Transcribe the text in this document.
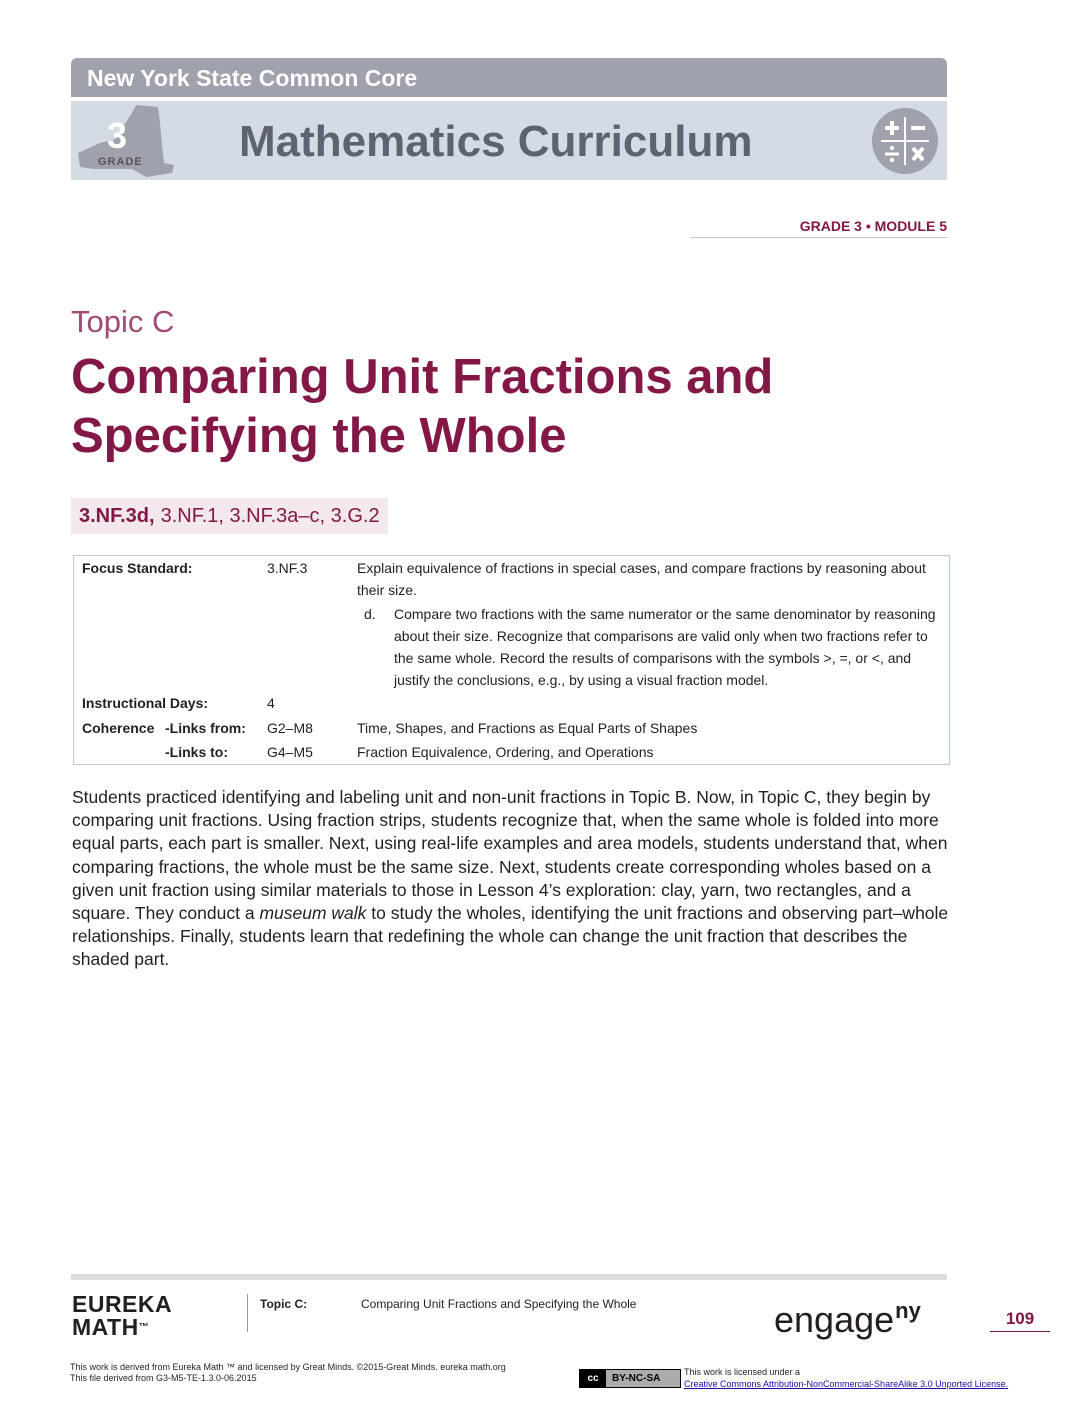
New York State Common Core
3
GRADE Mathematics Curriculum
GRADE 3 • MODULE 5
Topic C
Comparing Unit Fractions and
Specifying the Whole
3.NF.3d, 3.NF.1, 3.NF.3a–c, 3.G.2
Focus Standard:	3.NF.3	Explain equivalence of fractions in special cases, and compare fractions by reasoning about their size.
d. Compare two fractions with the same numerator or the same denominator by reasoning about their size. Recognize that comparisons are valid only when two fractions refer to the same whole. Record the results of comparisons with the symbols >, =, or <, and justify the conclusions, e.g., by using a visual fraction model.
Instructional Days:	4
Coherence -Links from: G2–M8	Time, Shapes, and Fractions as Equal Parts of Shapes
-Links to:	G4–M5	Fraction Equivalence, Ordering, and Operations
Students practiced identifying and labeling unit and non-unit fractions in Topic B. Now, in Topic C, they begin by comparing unit fractions. Using fraction strips, students recognize that, when the same whole is folded into more equal parts, each part is smaller. Next, using real-life examples and area models, students understand that, when comparing fractions, the whole must be the same size. Next, students create corresponding wholes based on a given unit fraction using similar materials to those in Lesson 4’s exploration: clay, yarn, two rectangles, and a square. They conduct a museum walk to study the wholes, identifying the unit fractions and observing part–whole relationships. Finally, students learn that redefining the whole can change the unit fraction that describes the shaded part.
EUREKA
MATH™
Topic C:	Comparing Unit Fractions and Specifying the Whole	engage$^{ny}$	109
This work is derived from Eureka Math ™ and licensed by Great Minds. ©2015-Great Minds. eureka math.org
This file derived from G3-M5-TE-1.3.0-06.2015	cc	BY-NC-SA
This work is licensed under a
Creative Commons Attribution-NonCommercial-ShareAlike 3.0 Unported License.
